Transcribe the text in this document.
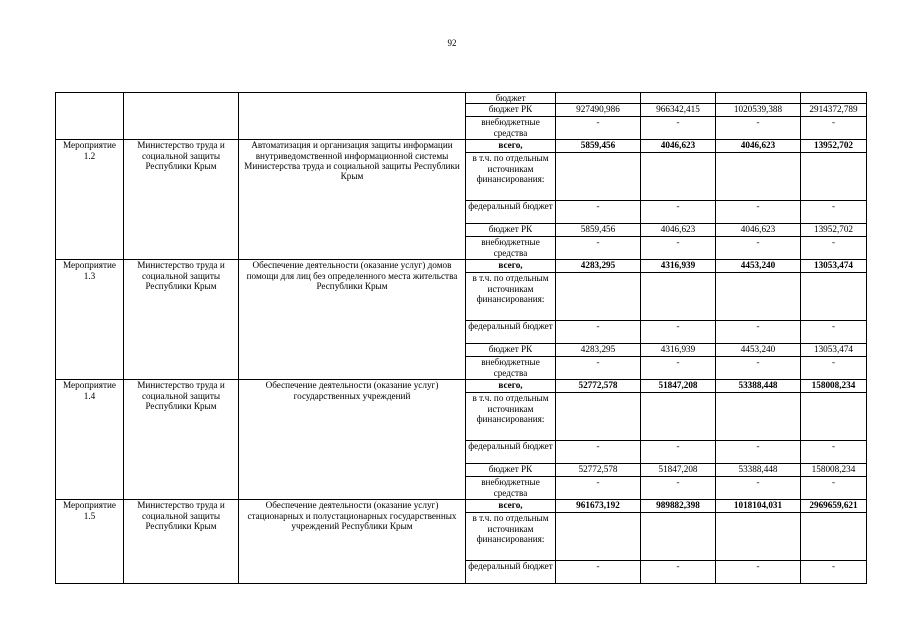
92
			бюджет				
			бюджет РК	927490,986	966342,415	1020539,388	2914372,789
			внебюджетные средства	-	-	-	-
Мероприятие 1.2	Министерство труда и социальной защиты Республики Крым	Автоматизация и организация защиты информации внутриведомственной информационной системы Министерства труда и социальной защиты Республики Крым	всего,	5859,456	4046,623	4046,623	13952,702
			в т.ч. по отдельным источникам финансирования:				
			федеральный бюджет	-	-	-	-
			бюджет РК	5859,456	4046,623	4046,623	13952,702
			внебюджетные средства	-	-	-	-
Мероприятие 1.3	Министерство труда и социальной защиты Республики Крым	Обеспечение деятельности (оказание услуг) домов помощи для лиц без определенного места жительства Республики Крым	всего,	4283,295	4316,939	4453,240	13053,474
			в т.ч. по отдельным источникам финансирования:				
			федеральный бюджет	-	-	-	-
			бюджет РК	4283,295	4316,939	4453,240	13053,474
			внебюджетные средства	-	-	-	-
Мероприятие 1.4	Министерство труда и социальной защиты Республики Крым	Обеспечение деятельности (оказание услуг) государственных учреждений	всего,	52772,578	51847,208	53388,448	158008,234
			в т.ч. по отдельным источникам финансирования:				
			федеральный бюджет	-	-	-	-
			бюджет РК	52772,578	51847,208	53388,448	158008,234
			внебюджетные средства	-	-	-	-
Мероприятие 1.5	Министерство труда и социальной защиты Республики Крым	Обеспечение деятельности (оказание услуг) стационарных и полустационарных государственных учреждений Республики Крым	всего,	961673,192	989882,398	1018104,031	2969659,621
			в т.ч. по отдельным источникам финансирования:				
			федеральный бюджет	-	-	-	-
